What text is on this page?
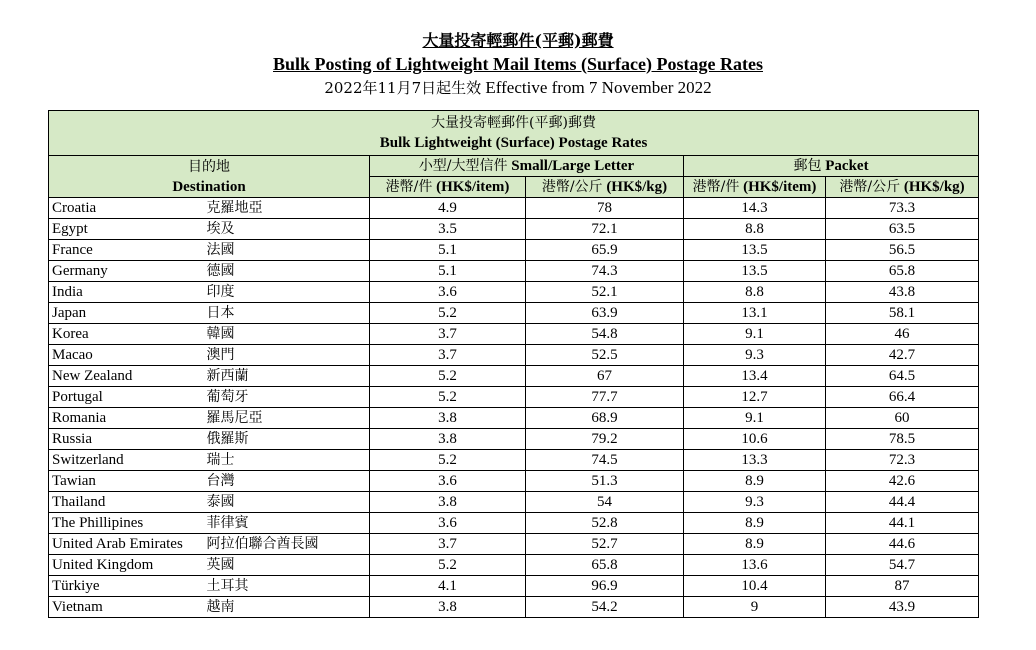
大量投寄輕郵件(平郵)郵費
Bulk Posting of Lightweight Mail Items (Surface) Postage Rates
2022年11月7日起生效 Effective from 7 November 2022
大量投寄輕郵件(平郵)郵費
Bulk Lightweight (Surface) Postage Rates					

目的地
Destination		小型/大型信件 Small/Large Letter		郵包 Packet	
		港幣/件 (HK$/item)	港幣/公斤 (HK$/kg)	港幣/件 (HK$/item)	港幣/公斤 (HK$/kg)
Croatia	克羅地亞	4.9	78	14.3	73.3
Egypt	埃及	3.5	72.1	8.8	63.5
France	法國	5.1	65.9	13.5	56.5
Germany	德國	5.1	74.3	13.5	65.8
India	印度	3.6	52.1	8.8	43.8
Japan	日本	5.2	63.9	13.1	58.1
Korea	韓國	3.7	54.8	9.1	46
Macao	澳門	3.7	52.5	9.3	42.7
New Zealand	新西蘭	5.2	67	13.4	64.5
Portugal	葡萄牙	5.2	77.7	12.7	66.4
Romania	羅馬尼亞	3.8	68.9	9.1	60
Russia	俄羅斯	3.8	79.2	10.6	78.5
Switzerland	瑞士	5.2	74.5	13.3	72.3
Tawian	台灣	3.6	51.3	8.9	42.6
Thailand	泰國	3.8	54	9.3	44.4
The Phillipines	菲律賓	3.6	52.8	8.9	44.1
United Arab Emirates	阿拉伯聯合酋長國	3.7	52.7	8.9	44.6
United Kingdom	英國	5.2	65.8	13.6	54.7
Türkiye	土耳其	4.1	96.9	10.4	87
Vietnam	越南	3.8	54.2	9	43.9
